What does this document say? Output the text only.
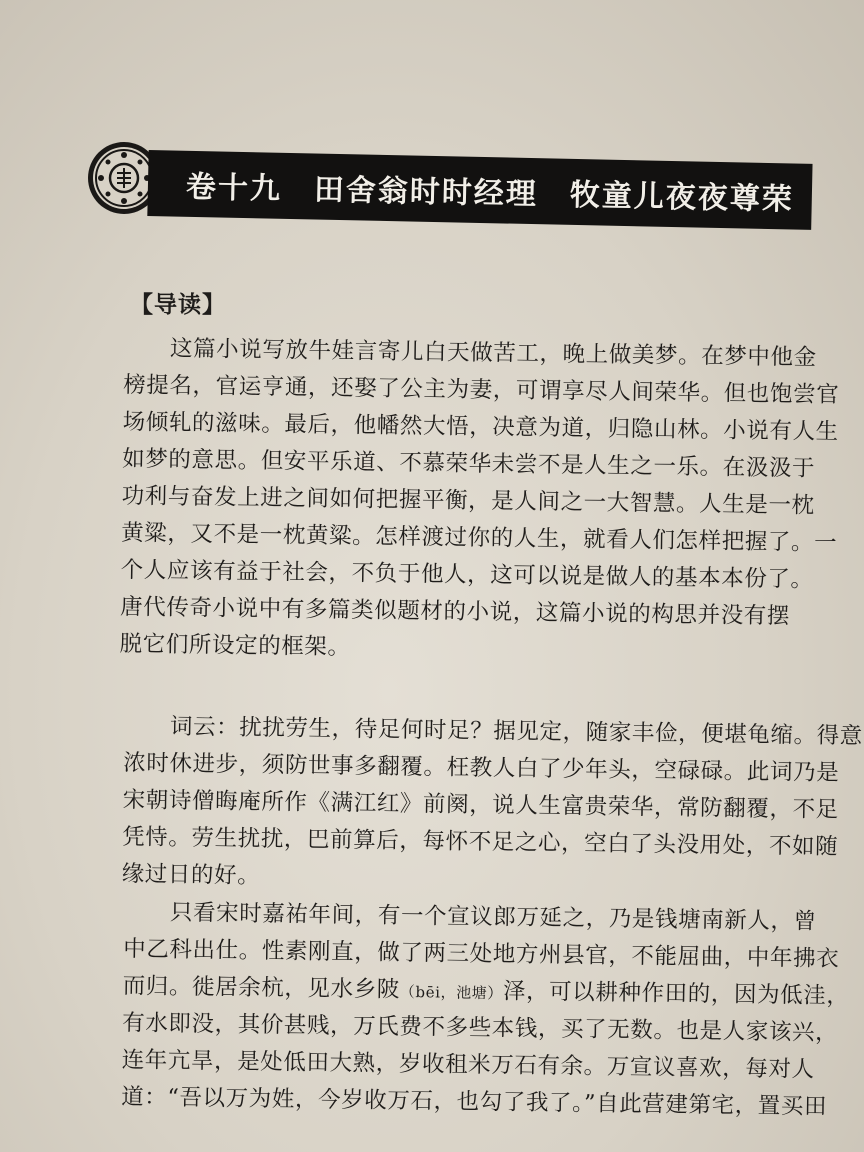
卷十九　田舍翁时时经理　牧童儿夜夜尊荣
【导读】
　　这篇小说写放牛娃言寄儿白天做苦工，晚上做美梦。在梦中他金
榜提名，官运亨通，还娶了公主为妻，可谓享尽人间荣华。但也饱尝官
场倾轧的滋味。最后，他幡然大悟，决意为道，归隐山林。小说有人生
如梦的意思。但安平乐道、不慕荣华未尝不是人生之一乐。在汲汲于
功利与奋发上进之间如何把握平衡，是人间之一大智慧。人生是一枕
黄粱，又不是一枕黄粱。怎样渡过你的人生，就看人们怎样把握了。一
个人应该有益于社会，不负于他人，这可以说是做人的基本本份了。
唐代传奇小说中有多篇类似题材的小说，这篇小说的构思并没有摆
脱它们所设定的框架。
　　词云：扰扰劳生，待足何时足？据见定，随家丰俭，便堪龟缩。得意
浓时休进步，须防世事多翻覆。枉教人白了少年头，空碌碌。此词乃是
宋朝诗僧晦庵所作《满江红》前阕，说人生富贵荣华，常防翻覆，不足
凭恃。劳生扰扰，巴前算后，每怀不足之心，空白了头没用处，不如随
缘过日的好。
　　只看宋时嘉祐年间，有一个宣议郎万延之，乃是钱塘南新人，曾
中乙科出仕。性素刚直，做了两三处地方州县官，不能屈曲，中年拂衣
而归。徙居余杭，见水乡陂（bēi，池塘）泽，可以耕种作田的，因为低洼，
有水即没，其价甚贱，万氏费不多些本钱，买了无数。也是人家该兴，
连年亢旱，是处低田大熟，岁收租米万石有余。万宣议喜欢，每对人
道：“吾以万为姓，今岁收万石，也勾了我了。”自此营建第宅，置买田
